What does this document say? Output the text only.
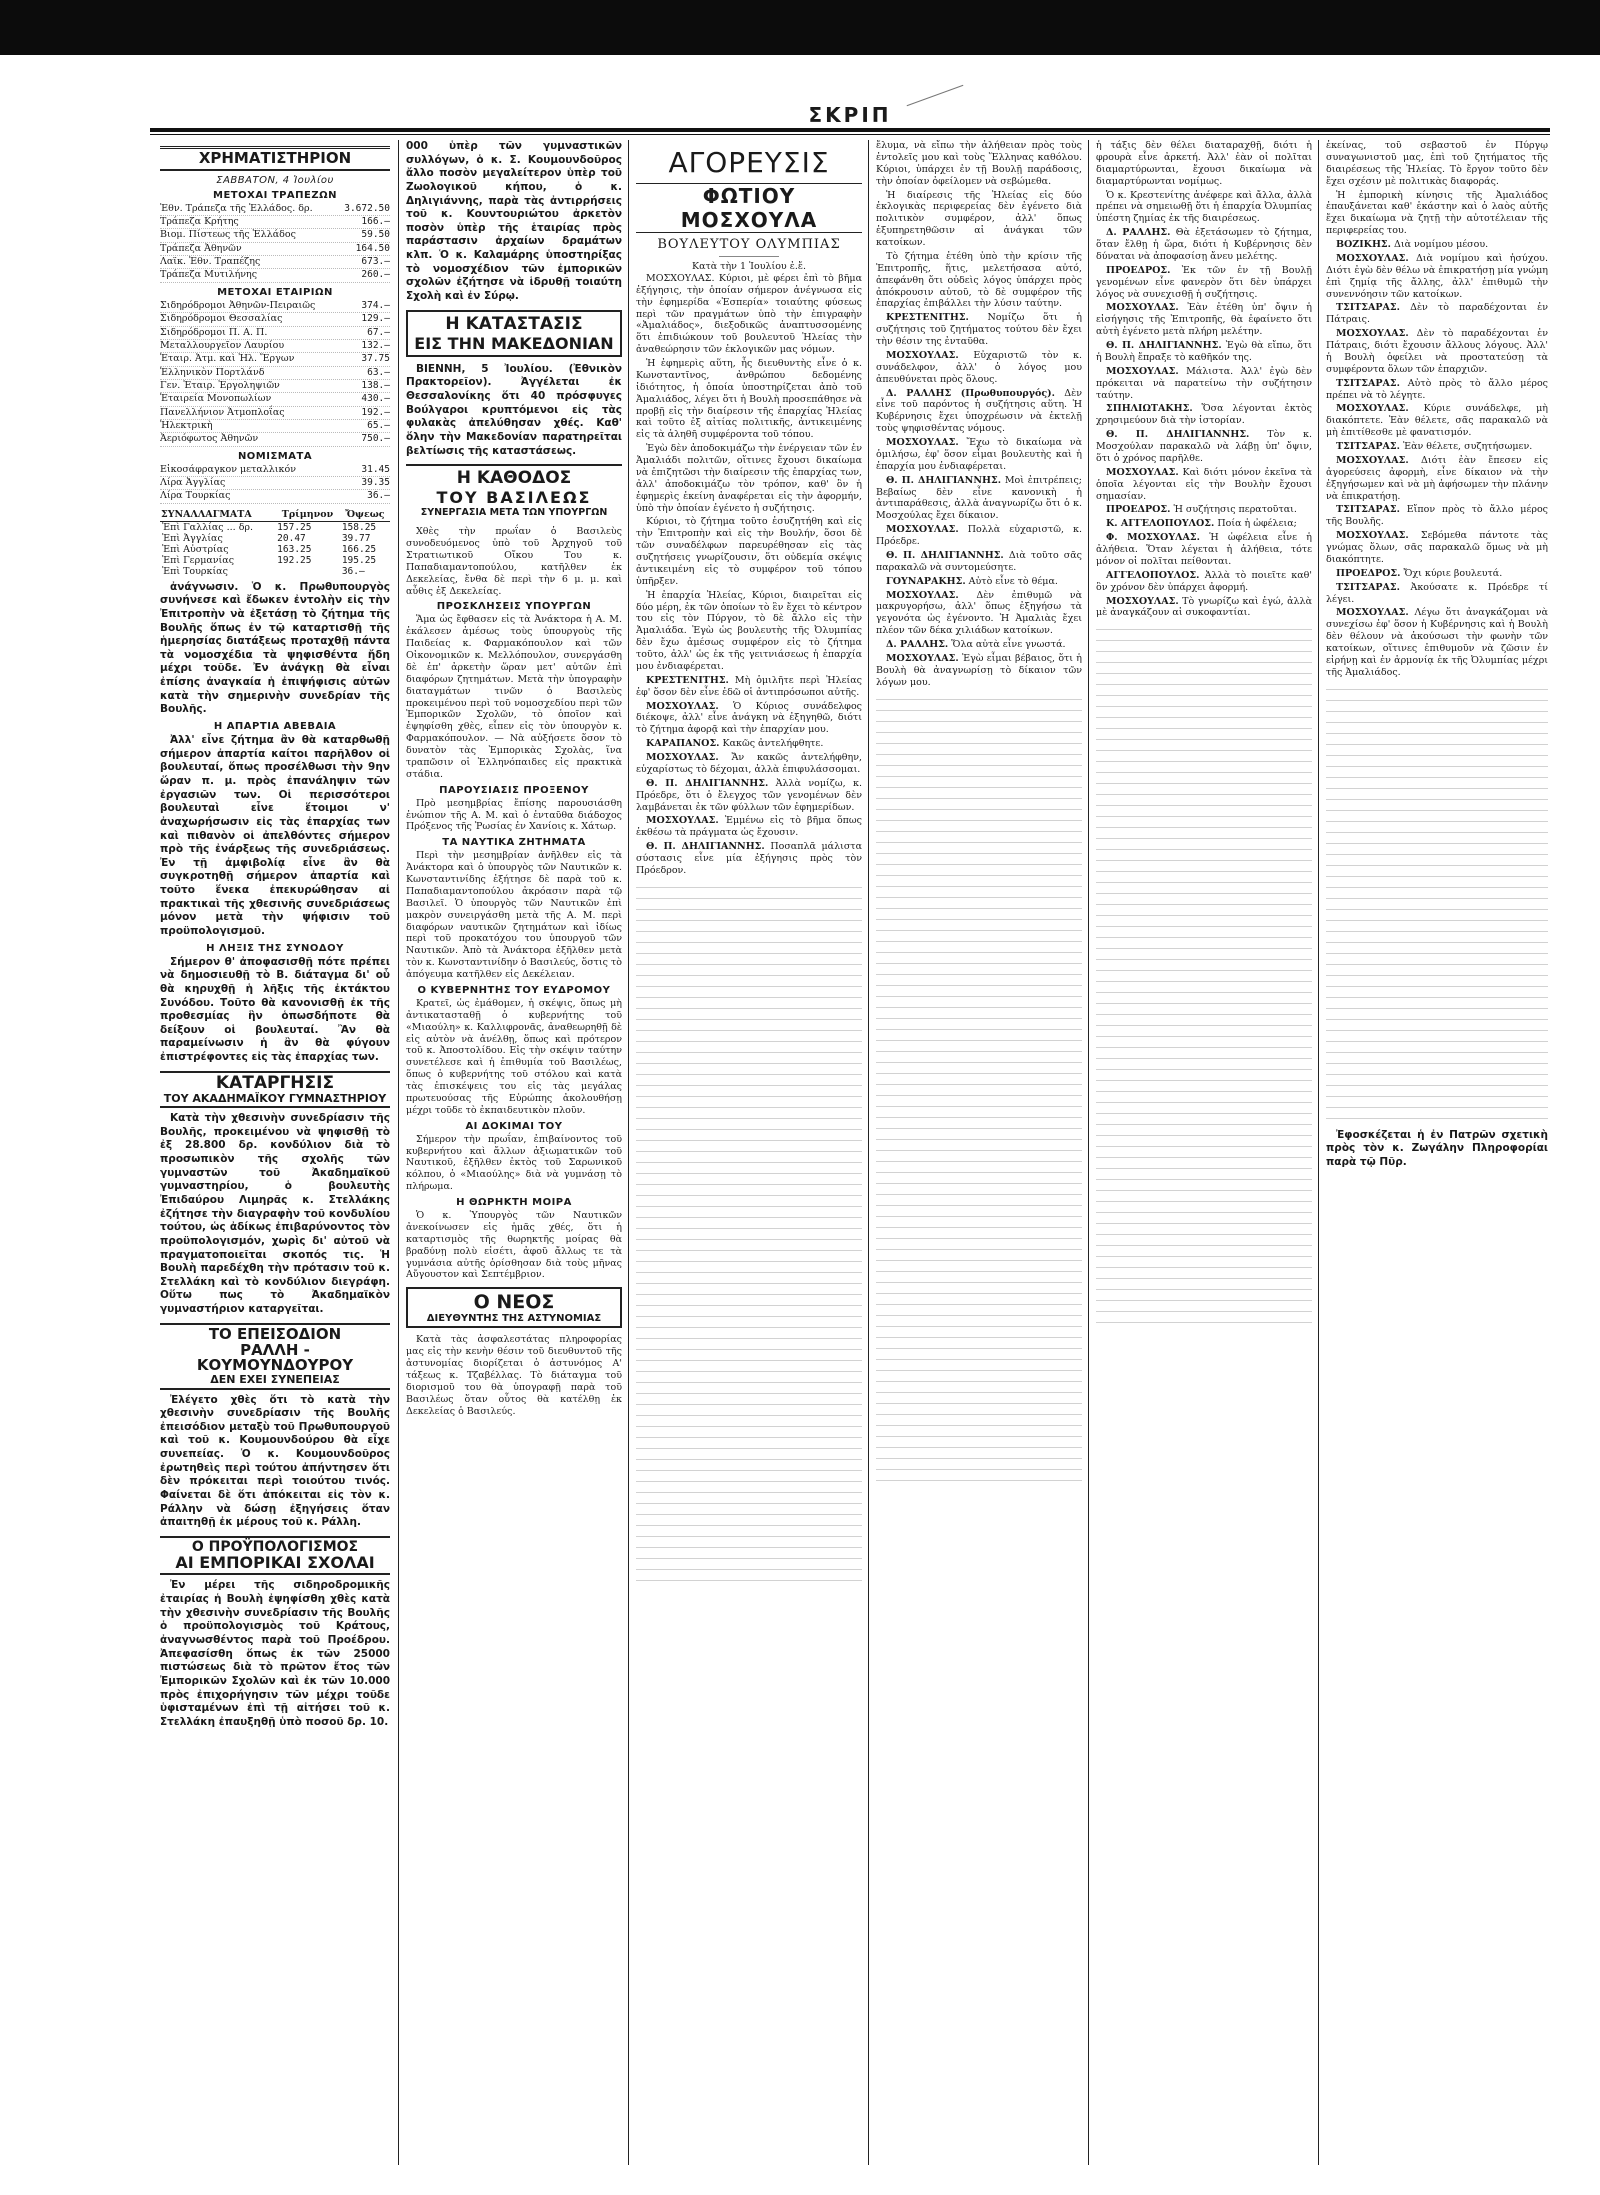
ΣΚΡΙΠ
ΧΡΗΜΑΤΙΣΤΗΡΙΟΝ
ΣΑΒΒΑΤΟΝ, 4 Ἰουλίου
ΜΕΤΟΧΑΙ ΤΡΑΠΕΖΩΝ
Ἐθν. Τράπεζα τῆς Ἑλλάδος. δρ.	3.672.50
Τράπεζα Κρήτης	166.—
Βιομ. Πίστεως τῆς Ἑλλάδος	59.50
Τράπεζα Ἀθηνῶν	164.50
Λαϊκ. Ἐθν. Τραπέζης	673.—
Τράπεζα Μυτιλήνης	260.—
ΜΕΤΟΧΑΙ ΕΤΑΙΡΙΩΝ
Σιδηρόδρομοι Ἀθηνῶν-Πειραιῶς	374.—
Σιδηρόδρομοι Θεσσαλίας	129.—
Σιδηρόδρομοι Π. Α. Π.	67.—
Μεταλλουργεῖον Λαυρίου	132.—
Ἑταιρ. Ἀτμ. καὶ Ἠλ. Ἔργων	37.75
Ἑλληνικὸν Πορτλάνδ	63.—
Γεν. Ἑταιρ. Ἐργοληψιῶν	138.—
Ἑταιρεία Μονοπωλίων	430.—
Πανελλήνιον Ἀτμοπλοΐας	192.—
Ἠλεκτρικὴ	65.—
Ἀεριόφωτος Ἀθηνῶν	750.—
ΝΟΜΙΣΜΑΤΑ
Εἰκοσάφραγκον μεταλλικόν	31.45
Λίρα Ἀγγλίας	39.35
Λίρα Τουρκίας	36.—
ΣΥΝΑΛΛΑΓΜΑΤΑ	Τρίμηνον	Ὄψεως
Ἐπὶ Γαλλίας ... δρ.	157.25	158.25
Ἐπὶ Ἀγγλίας	20.47	39.77
Ἐπὶ Αὐστρίας	163.25	166.25
Ἐπὶ Γερμανίας	192.25	195.25
Ἐπὶ Τουρκίας		36.—

ἀνάγνωσιν. Ὁ κ. Πρωθυπουργὸς συνήνεσε καὶ ἔδωκεν ἐντολὴν εἰς τὴν Ἐπιτροπὴν νὰ ἐξετάσῃ τὸ ζήτημα τῆς Βουλῆς ὅπως ἐν τῷ καταρτισθῇ τῆς ἡμερησίας διατάξεως προταχθῇ πάντα τὰ νομοσχέδια τὰ ψηφισθέντα ἤδη μέχρι τοῦδε. Ἐν ἀνάγκῃ θὰ εἶναι ἐπίσης ἀναγκαία ἡ ἐπιψήφισις αὐτῶν κατὰ τὴν σημερινὴν συνεδρίαν τῆς Βουλῆς.

Η ΑΠΑΡΤΙΑ ΑΒΕΒΑΙΑ

Ἀλλ' εἶνε ζήτημα ἂν θὰ καταρθωθῇ σήμερον ἀπαρτία καίτοι παρῆλθον οἱ βουλευταί, ὅπως προσέλθωσι τὴν 9ην ὥραν π. μ. πρὸς ἐπανάληψιν τῶν ἐργασιῶν των. Οἱ περισσότεροι βουλευταὶ εἶνε ἕτοιμοι ν' ἀναχωρήσωσιν εἰς τὰς ἐπαρχίας των καὶ πιθανὸν οἱ ἀπελθόντες σήμερον πρὸ τῆς ἐνάρξεως τῆς συνεδριάσεως. Ἐν τῇ ἀμφιβολίᾳ εἶνε ἂν θὰ συγκροτηθῇ σήμερον ἀπαρτία καὶ τοῦτο ἕνεκα ἐπεκυρώθησαν αἱ πρακτικαὶ τῆς χθεσινῆς συνεδριάσεως μόνον μετὰ τὴν ψήφισιν τοῦ προϋπολογισμοῦ.

Η ΛΗΞΙΣ ΤΗΣ ΣΥΝΟΔΟΥ

Σήμερον θ' ἀποφασισθῇ πότε πρέπει νὰ δημοσιευθῇ τὸ Β. διάταγμα δι' οὗ θὰ κηρυχθῇ ἡ λῆξις τῆς ἐκτάκτου Συνόδου. Τοῦτο θὰ κανονισθῇ ἐκ τῆς προθεσμίας ἣν ὁπωσδήποτε θὰ δείξουν οἱ βουλευταί. Ἂν θὰ παραμείνωσιν ἡ ἂν θὰ φύγουν ἐπιστρέφοντες εἰς τὰς ἐπαρχίας των.

ΚΑΤΑΡΓΗΣΙΣ
ΤΟΥ ΑΚΑΔΗΜΑΪΚΟΥ ΓΥΜΝΑΣΤΗΡΙΟΥ

Κατὰ τὴν χθεσινὴν συνεδρίασιν τῆς Βουλῆς, προκειμένου νὰ ψηφισθῇ τὸ ἐξ 28.800 δρ. κονδύλιον διὰ τὸ προσωπικὸν τῆς σχολῆς τῶν γυμναστῶν τοῦ Ἀκαδημαϊκοῦ γυμναστηρίου, ὁ βουλευτὴς Ἐπιδαύρου Λιμηρᾶς κ. Στελλάκης ἐζήτησε τὴν διαγραφὴν τοῦ κονδυλίου τούτου, ὡς ἀδίκως ἐπιβαρύνοντος τὸν προϋπολογισμόν, χωρὶς δι' αὐτοῦ νὰ πραγματοποιεῖται σκοπός τις. Ἡ Βουλὴ παρεδέχθη τὴν πρότασιν τοῦ κ. Στελλάκη καὶ τὸ κονδύλιον διεγράφη. Οὕτω πως τὸ Ἀκαδημαϊκὸν γυμναστήριον καταργεῖται.

ΤΟ ΕΠΕΙΣΟΔΙΟΝ
ΡΑΛΛΗ - ΚΟΥΜΟΥΝΔΟΥΡΟΥ
ΔΕΝ ΕΧΕΙ ΣΥΝΕΠΕΙΑΣ

Ἐλέγετο χθὲς ὅτι τὸ κατὰ τὴν χθεσινὴν συνεδρίασιν τῆς Βουλῆς ἐπεισόδιον μεταξὺ τοῦ Πρωθυπουργοῦ καὶ τοῦ κ. Κουμουνδούρου θὰ εἶχε συνεπείας. Ὁ κ. Κουμουνδοῦρος ἐρωτηθεὶς περὶ τούτου ἀπήντησεν ὅτι δὲν πρόκειται περὶ τοιούτου τινός. Φαίνεται δὲ ὅτι ἀπόκειται εἰς τὸν κ. Ράλλην νὰ δώσῃ ἐξηγήσεις ὅταν ἀπαιτηθῇ ἐκ μέρους τοῦ κ. Ράλλη.

Ο ΠΡΟΫΠΟΛΟΓΙΣΜΟΣ
ΑΙ ΕΜΠΟΡΙΚΑΙ ΣΧΟΛΑΙ

Ἐν μέρει τῆς σιδηροδρομικῆς ἐταιρίας ἡ Βουλὴ ἐψηφίσθη χθὲς κατὰ τὴν χθεσινὴν συνεδρίασιν τῆς Βουλῆς ὁ προϋπολογισμὸς τοῦ Κράτους, ἀναγνωσθέντος παρὰ τοῦ Προέδρου. Ἀπεφασίσθη ὅπως ἐκ τῶν 25000 πιστώσεως διὰ τὸ πρῶτον ἔτος τῶν Ἐμπορικῶν Σχολῶν καὶ ἐκ τῶν 10.000 πρὸς ἐπιχορήγησιν τῶν μέχρι τοῦδε ὑφισταμένων ἐπὶ τῇ αἰτήσει τοῦ κ. Στελλάκη ἐπαυξηθῇ ὑπὸ ποσοῦ δρ. 10.

000 ὑπὲρ τῶν γυμναστικῶν συλλόγων, ὁ κ. Σ. Κουμουνδοῦρος ἄλλο ποσὸν μεγαλείτερον ὑπὲρ τοῦ Ζωολογικοῦ κήπου, ὁ κ. Δηλιγιάννης, παρὰ τὰς ἀντιρρήσεις τοῦ κ. Κουντουριώτου ἀρκετὸν ποσὸν ὑπὲρ τῆς ἑταιρίας πρὸς παράστασιν ἀρχαίων δραμάτων κλπ. Ὁ κ. Καλαμάρης ὑποστηρίξας τὸ νομοσχέδιον τῶν ἐμπορικῶν σχολῶν ἐζήτησε νὰ ἱδρυθῇ τοιαύτη Σχολὴ καὶ ἐν Σύρῳ.

Η ΚΑΤΑΣΤΑΣΙΣ
ΕΙΣ ΤΗΝ ΜΑΚΕΔΟΝΙΑΝ

ΒΙΕΝΝΗ, 5 Ἰουλίου. (Ἐθνικὸν Πρακτορεῖον). Ἀγγέλεται ἐκ Θεσσαλονίκης ὅτι 40 πρόσφυγες Βούλγαροι κρυπτόμενοι εἰς τὰς φυλακὰς ἀπελύθησαν χθές. Καθ' ὅλην τὴν Μακεδονίαν παρατηρεῖται βελτίωσις τῆς καταστάσεως.

Η ΚΑΘΟΔΟΣ
ΤΟΥ ΒΑΣΙΛΕΩΣ
ΣΥΝΕΡΓΑΣΙΑ ΜΕΤΑ ΤΩΝ ΥΠΟΥΡΓΩΝ

Χθὲς τὴν πρωΐαν ὁ Βασιλεὺς συνοδευόμενος ὑπὸ τοῦ Ἀρχηγοῦ τοῦ Στρατιωτικοῦ Οἴκου Του κ. Παπαδιαμαντοπούλου, κατῆλθεν ἐκ Δεκελείας, ἔνθα δὲ περὶ τὴν 6 μ. μ. καὶ αὖθις ἐξ Δεκελείας.

ΠΡΟΣΚΛΗΣΕΙΣ ΥΠΟΥΡΓΩΝ

Ἅμα ὡς ἔφθασεν εἰς τὰ Ἀνάκτορα ἡ Α. Μ. ἐκάλεσεν ἀμέσως τοὺς ὑπουργοὺς τῆς Παιδείας κ. Φαρμακόπουλον καὶ τῶν Οἰκονομικῶν κ. Μελλόπουλον, συνεργάσθη δὲ ἐπ' ἀρκετὴν ὥραν μετ' αὐτῶν ἐπὶ διαφόρων ζητημάτων. Μετὰ τὴν ὑπογραφὴν διαταγμάτων τινῶν ὁ Βασιλεὺς προκειμένου περὶ τοῦ νομοσχεδίου περὶ τῶν Ἐμπορικῶν Σχολῶν, τὸ ὁποῖον καὶ ἐψηφίσθη χθὲς, εἶπεν εἰς τὸν ὑπουργὸν κ. Φαρμακόπουλον. — Νὰ αὐξήσετε ὅσον τὸ δυνατὸν τὰς Ἐμπορικὰς Σχολὰς, ἵνα τραπῶσιν οἱ Ἑλληνόπαιδες εἰς πρακτικὰ στάδια.

ΠΑΡΟΥΣΙΑΣΙΣ ΠΡΟΞΕΝΟΥ

Πρὸ μεσημβρίας ἔπίσης παρουσιάσθη ἐνώπιον τῆς Α. Μ. καὶ ὁ ἐνταῦθα διάδοχος Πρόξενος τῆς Ῥωσίας ἐν Χανίοις κ. Χάτωρ.

ΤΑ ΝΑΥΤΙΚΑ ΖΗΤΗΜΑΤΑ

Περὶ τὴν μεσημβρίαν ἀνῆλθεν εἰς τὰ Ἀνάκτορα καὶ ὁ ὑπουργὸς τῶν Ναυτικῶν κ. Κωνσταντινίδης ἐξήτησε δὲ παρὰ τοῦ κ. Παπαδιαμαντοπούλου ἀκρόασιν παρὰ τῷ Βασιλεῖ. Ὁ ὑπουργὸς τῶν Ναυτικῶν ἐπὶ μακρὸν συνειργάσθη μετὰ τῆς Α. Μ. περὶ διαφόρων ναυτικῶν ζητημάτων καὶ ἰδίως περὶ τοῦ προκατόχου του ὑπουργοῦ τῶν Ναυτικῶν. Ἀπὸ τὰ Ἀνάκτορα ἐξῆλθεν μετὰ τὸν κ. Κωνσταντινίδην ὁ Βασιλεύς, ὅστις τὸ ἀπόγευμα κατῆλθεν εἰς Δεκέλειαν.

Ο ΚΥΒΕΡΝΗΤΗΣ ΤΟΥ ΕΥΔΡΟΜΟΥ

Κρατεῖ, ὡς ἐμάθομεν, ἡ σκέψις, ὅπως μὴ ἀντικατασταθῇ ὁ κυβερνήτης τοῦ «Μιαούλη» κ. Καλλιφρονᾶς, ἀναθεωρηθῇ δὲ εἰς αὐτὸν νὰ ἀνέλθῃ, ὅπως καὶ πρότερον τοῦ κ. Ἀποστολίδου. Εἰς τὴν σκέψιν ταύτην συνετέλεσε καὶ ἡ ἐπιθυμία τοῦ Βασιλέως, ὅπως ὁ κυβερνήτης τοῦ στόλου καὶ κατὰ τὰς ἐπισκέψεις του εἰς τὰς μεγάλας πρωτευούσας τῆς Εὐρώπης ἀκολουθήσῃ μέχρι τοῦδε τὸ ἐκπαιδευτικὸν πλοῦν.

ΑΙ ΔΟΚΙΜΑΙ ΤΟΥ

Σήμερον τὴν πρωΐαν, ἐπιβαίνοντος τοῦ κυβερνήτου καὶ ἄλλων ἀξιωματικῶν τοῦ Ναυτικοῦ, ἐξῆλθεν ἐκτὸς τοῦ Σαρωνικοῦ κόλπου, ὁ «Μιαούλης» διὰ νὰ γυμνάσῃ τὸ πλήρωμα.

Η ΘΩΡΗΚΤΗ ΜΟΙΡΑ

Ὁ κ. Ὑπουργὸς τῶν Ναυτικῶν ἀνεκοίνωσεν εἰς ἡμᾶς χθές, ὅτι ἡ καταρτισμὸς τῆς θωρηκτῆς μοίρας θὰ βραδύνῃ πολὺ εἰσέτι, ἀφοῦ ἄλλως τε τὰ γυμνάσια αὐτῆς ὁρίσθησαν διὰ τοὺς μῆνας Αὔγουστον καὶ Σεπτέμβριον.

Ο ΝΕΟΣ
ΔΙΕΥΘΥΝΤΗΣ ΤΗΣ ΑΣΤΥΝΟΜΙΑΣ

Κατὰ τὰς ἀσφαλεστάτας πληροφορίας μας εἰς τὴν κενὴν θέσιν τοῦ διευθυντοῦ τῆς ἀστυνομίας διορίζεται ὁ ἀστυνόμος Α' τάξεως κ. Τζαβέλλας. Τὸ διάταγμα τοῦ διορισμοῦ του θὰ ὑπογραφῇ παρὰ τοῦ Βασιλέως ὅταν οὗτος θὰ κατέλθῃ ἐκ Δεκελείας ὁ Βασιλεύς.

ΑΓΟΡΕΥΣΙΣ
ΦΩΤΙΟΥ ΜΟΣΧΟΥΛΑ
ΒΟΥΛΕΥΤΟΥ ΟΛΥΜΠΙΑΣ
Κατὰ τὴν 1 Ἰουλίου ἐ.ἔ.

ΜΟΣΧΟΥΛΑΣ. Κύριοι, μὲ φέρει ἐπὶ τὸ βῆμα ἐξήγησις, τὴν ὁποίαν σήμερον ἀνέγνωσα εἰς τὴν ἐφημερίδα «Ἑσπερία» τοιαύτης φύσεως περὶ τῶν πραγμάτων ὑπὸ τὴν ἐπιγραφὴν «Ἀμαλιάδος», διεξοδικῶς ἀναπτυσσομένης ὅτι ἐπιδιώκουν τοῦ βουλευτοῦ Ἠλείας τὴν ἀναθεώρησιν τῶν ἐκλογικῶν μας νόμων.

Ἡ ἐφημερὶς αὕτη, ἧς διευθυντὴς εἶνε ὁ κ. Κωνσταντῖνος, ἀνθρώπου δεδομένης ἰδιότητος, ἡ ὁποία ὑποστηρίζεται ἀπὸ τοῦ Ἀμαλιάδος, λέγει ὅτι ἡ Βουλὴ προσεπάθησε νὰ προβῇ εἰς τὴν διαίρεσιν τῆς ἐπαρχίας Ἠλείας καὶ τοῦτο ἐξ αἰτίας πολιτικῆς, ἀντικειμένης εἰς τὰ ἀληθῆ συμφέροντα τοῦ τόπου.

Ἐγὼ δὲν ἀποδοκιμάζω τὴν ἐνέργειαν τῶν ἐν Ἀμαλιάδι πολιτῶν, οἵτινες ἔχουσι δικαίωμα νὰ ἐπιζητῶσι τὴν διαίρεσιν τῆς ἐπαρχίας των, ἀλλ' ἀποδοκιμάζω τὸν τρόπον, καθ' ὃν ἡ ἐφημερὶς ἐκείνη ἀναφέρεται εἰς τὴν ἀφορμήν, ὑπὸ τὴν ὁποίαν ἐγένετο ἡ συζήτησις.

Κύριοι, τὸ ζήτημα τοῦτο ἐσυζητήθη καὶ εἰς τὴν Ἐπιτροπὴν καὶ εἰς τὴν Βουλήν, ὅσοι δὲ τῶν συναδέλφων παρευρέθησαν εἰς τὰς συζητήσεις γνωρίζουσιν, ὅτι οὐδεμία σκέψις ἀντικειμένη εἰς τὸ συμφέρον τοῦ τόπου ὑπῆρξεν.

Ἡ ἐπαρχία Ἠλείας, Κύριοι, διαιρεῖται εἰς δύο μέρη, ἐκ τῶν ὁποίων τὸ ἓν ἔχει τὸ κέντρον του εἰς τὸν Πύργον, τὸ δὲ ἄλλο εἰς τὴν Ἀμαλιάδα. Ἐγὼ ὡς βουλευτὴς τῆς Ὀλυμπίας δὲν ἔχω ἀμέσως συμφέρον εἰς τὸ ζήτημα τοῦτο, ἀλλ' ὡς ἐκ τῆς γειτνιάσεως ἡ ἐπαρχία μου ἐνδιαφέρεται.

ΚΡΕΣΤΕΝΙΤΗΣ. Μὴ ὁμιλῆτε περὶ Ἠλείας ἐφ' ὅσον δὲν εἶνε ἐδῶ οἱ ἀντιπρόσωποι αὐτῆς.

ΜΟΣΧΟΥΛΑΣ. Ὁ Κύριος συνάδελφος διέκοψε, ἀλλ' εἶνε ἀνάγκη νὰ ἐξηγηθῶ, διότι τὸ ζήτημα ἀφορᾷ καὶ τὴν ἐπαρχίαν μου.

ΚΑΡΑΠΑΝΟΣ. Κακῶς ἀντελήφθητε.

ΜΟΣΧΟΥΛΑΣ. Ἄν κακῶς ἀντελήφθην, εὐχαρίστως τὸ δέχομαι, ἀλλὰ ἐπιφυλάσσομαι.

Θ. Π. ΔΗΛΙΓΙΑΝΝΗΣ. Ἀλλὰ νομίζω, κ. Πρόεδρε, ὅτι ὁ ἔλεγχος τῶν γενομένων δὲν λαμβάνεται ἐκ τῶν φύλλων τῶν ἐφημερίδων.

ΜΟΣΧΟΥΛΑΣ. Ἐμμένω εἰς τὸ βῆμα ὅπως ἐκθέσω τὰ πράγματα ὡς ἔχουσιν.

Θ. Π. ΔΗΛΙΓΙΑΝΝΗΣ. Ποσαπλᾶ μάλιστα σύστασις εἶνε μία ἐξήγησις πρὸς τὸν Πρόεδρον.

ἔλυμα, νὰ εἴπω τὴν ἀλήθειαν πρὸς τοὺς ἐντολεῖς μου καὶ τοὺς Ἕλληνας καθόλου. Κύριοι, ὑπάρχει ἐν τῇ Βουλῇ παράδοσις, τὴν ὁποίαν ὀφείλομεν νὰ σεβώμεθα.

Ἡ διαίρεσις τῆς Ἠλείας εἰς δύο ἐκλογικὰς περιφερείας δὲν ἐγένετο διὰ πολιτικὸν συμφέρον, ἀλλ' ὅπως ἐξυπηρετηθῶσιν αἱ ἀνάγκαι τῶν κατοίκων.

Τὸ ζήτημα ἐτέθη ὑπὸ τὴν κρίσιν τῆς Ἐπιτροπῆς, ἥτις, μελετήσασα αὐτό, ἀπεφάνθη ὅτι οὐδεὶς λόγος ὑπάρχει πρὸς ἀπόκρουσιν αὐτοῦ, τὸ δὲ συμφέρον τῆς ἐπαρχίας ἐπιβάλλει τὴν λύσιν ταύτην.

ΚΡΕΣΤΕΝΙΤΗΣ. Νομίζω ὅτι ἡ συζήτησις τοῦ ζητήματος τούτου δὲν ἔχει τὴν θέσιν της ἐνταῦθα.

ΜΟΣΧΟΥΛΑΣ. Εὐχαριστῶ τὸν κ. συνάδελφον, ἀλλ' ὁ λόγος μου ἀπευθύνεται πρὸς ὅλους.

Δ. ΡΑΛΛΗΣ (Πρωθυπουργός). Δὲν εἶνε τοῦ παρόντος ἡ συζήτησις αὕτη. Ἡ Κυβέρνησις ἔχει ὑποχρέωσιν νὰ ἐκτελῇ τοὺς ψηφισθέντας νόμους.

ΜΟΣΧΟΥΛΑΣ. Ἔχω τὸ δικαίωμα νὰ ὁμιλήσω, ἐφ' ὅσον εἶμαι βουλευτὴς καὶ ἡ ἐπαρχία μου ἐνδιαφέρεται.

Θ. Π. ΔΗΛΙΓΙΑΝΝΗΣ. Μοὶ ἐπιτρέπεις; Βεβαίως δὲν εἶνε κανονικὴ ἡ ἀντιπαράθεσις, ἀλλὰ ἀναγνωρίζω ὅτι ὁ κ. Μοσχούλας ἔχει δίκαιον.

ΜΟΣΧΟΥΛΑΣ. Πολλὰ εὐχαριστῶ, κ. Πρόεδρε.

Θ. Π. ΔΗΛΙΓΙΑΝΝΗΣ. Διὰ τοῦτο σᾶς παρακαλῶ νὰ συντομεύσητε.

ΓΟΥΝΑΡΑΚΗΣ. Αὐτὸ εἶνε τὸ θέμα.

ΜΟΣΧΟΥΛΑΣ. Δὲν ἐπιθυμῶ νὰ μακρυγορήσω, ἀλλ' ὅπως ἐξηγήσω τὰ γεγονότα ὡς ἐγένοντο. Ἡ Ἀμαλιὰς ἔχει πλέον τῶν δέκα χιλιάδων κατοίκων.

Δ. ΡΑΛΛΗΣ. Ὅλα αὐτὰ εἶνε γνωστά.

ΜΟΣΧΟΥΛΑΣ. Ἐγὼ εἶμαι βέβαιος, ὅτι ἡ Βουλὴ θὰ ἀναγνωρίσῃ τὸ δίκαιον τῶν λόγων μου.

ἡ τάξις δὲν θέλει διαταραχθῇ, διότι ἡ φρουρὰ εἶνε ἀρκετή. Ἀλλ' ἐὰν οἱ πολῖται διαμαρτύρωνται, ἔχουσι δικαίωμα νὰ διαμαρτύρωνται νομίμως.

Ὁ κ. Κρεστενίτης ἀνέφερε καὶ ἄλλα, ἀλλὰ πρέπει νὰ σημειωθῇ ὅτι ἡ ἐπαρχία Ὀλυμπίας ὑπέστη ζημίας ἐκ τῆς διαιρέσεως.

Δ. ΡΑΛΛΗΣ. Θὰ ἐξετάσωμεν τὸ ζήτημα, ὅταν ἔλθῃ ἡ ὥρα, διότι ἡ Κυβέρνησις δὲν δύναται νὰ ἀποφασίσῃ ἄνευ μελέτης.

ΠΡΟΕΔΡΟΣ. Ἐκ τῶν ἐν τῇ Βουλῇ γενομένων εἶνε φανερὸν ὅτι δὲν ὑπάρχει λόγος νὰ συνεχισθῇ ἡ συζήτησις.

ΜΟΣΧΟΥΛΑΣ. Ἐὰν ἐτέθη ὑπ' ὄψιν ἡ εἰσήγησις τῆς Ἐπιτροπῆς, θὰ ἐφαίνετο ὅτι αὐτὴ ἐγένετο μετὰ πλήρη μελέτην.

Θ. Π. ΔΗΛΙΓΙΑΝΝΗΣ. Ἐγὼ θὰ εἴπω, ὅτι ἡ Βουλὴ ἔπραξε τὸ καθῆκόν της.

ΜΟΣΧΟΥΛΑΣ. Μάλιστα. Ἀλλ' ἐγὼ δὲν πρόκειται νὰ παρατείνω τὴν συζήτησιν ταύτην.

ΣΠΗΛΙΩΤΑΚΗΣ. Ὅσα λέγονται ἐκτὸς χρησιμεύουν διὰ τὴν ἱστορίαν.

Θ. Π. ΔΗΛΙΓΙΑΝΝΗΣ. Τὸν κ. Μοσχούλαν παρακαλῶ νὰ λάβῃ ὑπ' ὄψιν, ὅτι ὁ χρόνος παρῆλθε.

ΜΟΣΧΟΥΛΑΣ. Καὶ διότι μόνον ἐκεῖνα τὰ ὁποῖα λέγονται εἰς τὴν Βουλὴν ἔχουσι σημασίαν.

ΠΡΟΕΔΡΟΣ. Ἡ συζήτησις περατοῦται.

Κ. ΑΓΓΕΛΟΠΟΥΛΟΣ. Ποία ἡ ὠφέλεια;

Φ. ΜΟΣΧΟΥΛΑΣ. Ἡ ὠφέλεια εἶνε ἡ ἀλήθεια. Ὅταν λέγεται ἡ ἀλήθεια, τότε μόνον οἱ πολῖται πείθονται.

ΑΓΓΕΛΟΠΟΥΛΟΣ. Ἀλλὰ τὸ ποιεῖτε καθ' ὃν χρόνον δὲν ὑπάρχει ἀφορμή.

ΜΟΣΧΟΥΛΑΣ. Τὸ γνωρίζω καὶ ἐγώ, ἀλλὰ μὲ ἀναγκάζουν αἱ συκοφαντίαι.

ἐκείνας, τοῦ σεβαστοῦ ἐν Πύργῳ συναγωνιστοῦ μας, ἐπὶ τοῦ ζητήματος τῆς διαιρέσεως τῆς Ἠλείας. Τὸ ἔργον τοῦτο δὲν ἔχει σχέσιν μὲ πολιτικὰς διαφοράς.

Ἡ ἐμπορικὴ κίνησις τῆς Ἀμαλιάδος ἐπαυξάνεται καθ' ἑκάστην καὶ ὁ λαὸς αὐτῆς ἔχει δικαίωμα νὰ ζητῇ τὴν αὐτοτέλειαν τῆς περιφερείας του.

ΒΟΖΙΚΗΣ. Διὰ νομίμου μέσου.

ΜΟΣΧΟΥΛΑΣ. Διὰ νομίμου καὶ ἡσύχου. Διότι ἐγὼ δὲν θέλω νὰ ἐπικρατήσῃ μία γνώμη ἐπὶ ζημίᾳ τῆς ἄλλης, ἀλλ' ἐπιθυμῶ τὴν συνεννόησιν τῶν κατοίκων.

ΤΣΙΤΣΑΡΑΣ. Δὲν τὸ παραδέχονται ἐν Πάτραις.

ΜΟΣΧΟΥΛΑΣ. Δὲν τὸ παραδέχονται ἐν Πάτραις, διότι ἔχουσιν ἄλλους λόγους. Ἀλλ' ἡ Βουλὴ ὀφείλει νὰ προστατεύσῃ τὰ συμφέροντα ὅλων τῶν ἐπαρχιῶν.

ΤΣΙΤΣΑΡΑΣ. Αὐτὸ πρὸς τὸ ἄλλο μέρος πρέπει νὰ τὸ λέγητε.

ΜΟΣΧΟΥΛΑΣ. Κύριε συνάδελφε, μὴ διακόπτετε. Ἐὰν θέλετε, σᾶς παρακαλῶ νὰ μὴ ἐπιτίθεσθε μὲ φανατισμόν.

ΤΣΙΤΣΑΡΑΣ. Ἐὰν θέλετε, συζητήσωμεν.

ΜΟΣΧΟΥΛΑΣ. Διότι ἐὰν ἔπεσεν εἰς ἀγορεύσεις ἀφορμὴ, εἶνε δίκαιον νὰ τὴν ἐξηγήσωμεν καὶ νὰ μὴ ἀφήσωμεν τὴν πλάνην νὰ ἐπικρατήσῃ.

ΤΣΙΤΣΑΡΑΣ. Εἴπον πρὸς τὸ ἄλλο μέρος τῆς Βουλῆς.

ΜΟΣΧΟΥΛΑΣ. Σεβόμεθα πάντοτε τὰς γνώμας ὅλων, σᾶς παρακαλῶ ὅμως νὰ μὴ διακόπτητε.

ΠΡΟΕΔΡΟΣ. Ὄχι κύριε βουλευτά.

ΤΣΙΤΣΑΡΑΣ. Ἀκούσατε κ. Πρόεδρε τί λέγει.

ΜΟΣΧΟΥΛΑΣ. Λέγω ὅτι ἀναγκάζομαι νὰ συνεχίσω ἐφ' ὅσον ἡ Κυβέρνησις καὶ ἡ Βουλὴ δὲν θέλουν νὰ ἀκούσωσι τὴν φωνὴν τῶν κατοίκων, οἵτινες ἐπιθυμοῦν νὰ ζῶσιν ἐν εἰρήνῃ καὶ ἐν ἁρμονίᾳ ἐκ τῆς Ὀλυμπίας μέχρι τῆς Ἀμαλιάδος.

Ἐφοσκέζεται ἡ ἐν Πατρῶν σχετικὴ πρὸς τὸν κ. Ζωγάλην Πληροφορίαι παρὰ τῷ Πῦρ.
